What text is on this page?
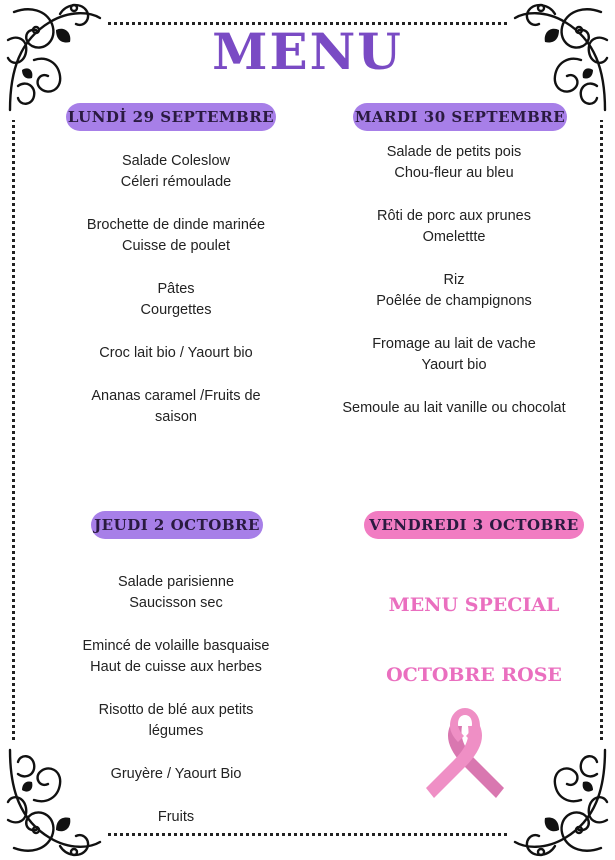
MENU
LUNDİ 29 SEPTEMBRE	MARDI 30 SEPTEMBRE
JEUDI 2 OCTOBRE	VENDREDI 3 OCTOBRE
Salade Coleslow
Céleri rémoulade
Brochette de dinde marinée
Cuisse de poulet
Pâtes
Courgettes
Croc lait bio / Yaourt bio
Ananas caramel /Fruits de
saison
Salade de petits pois
Chou-fleur au bleu
Rôti de porc aux prunes
Omelettte
Riz
Poêlée de champignons
Fromage au lait de vache
Yaourt bio
Semoule au lait vanille ou chocolat
Salade parisienne
Saucisson sec
Emincé de volaille basquaise
Haut de cuisse aux herbes
Risotto de blé aux petits
légumes
Gruyère / Yaourt Bio
Fruits
MENU SPECIAL
OCTOBRE ROSE
